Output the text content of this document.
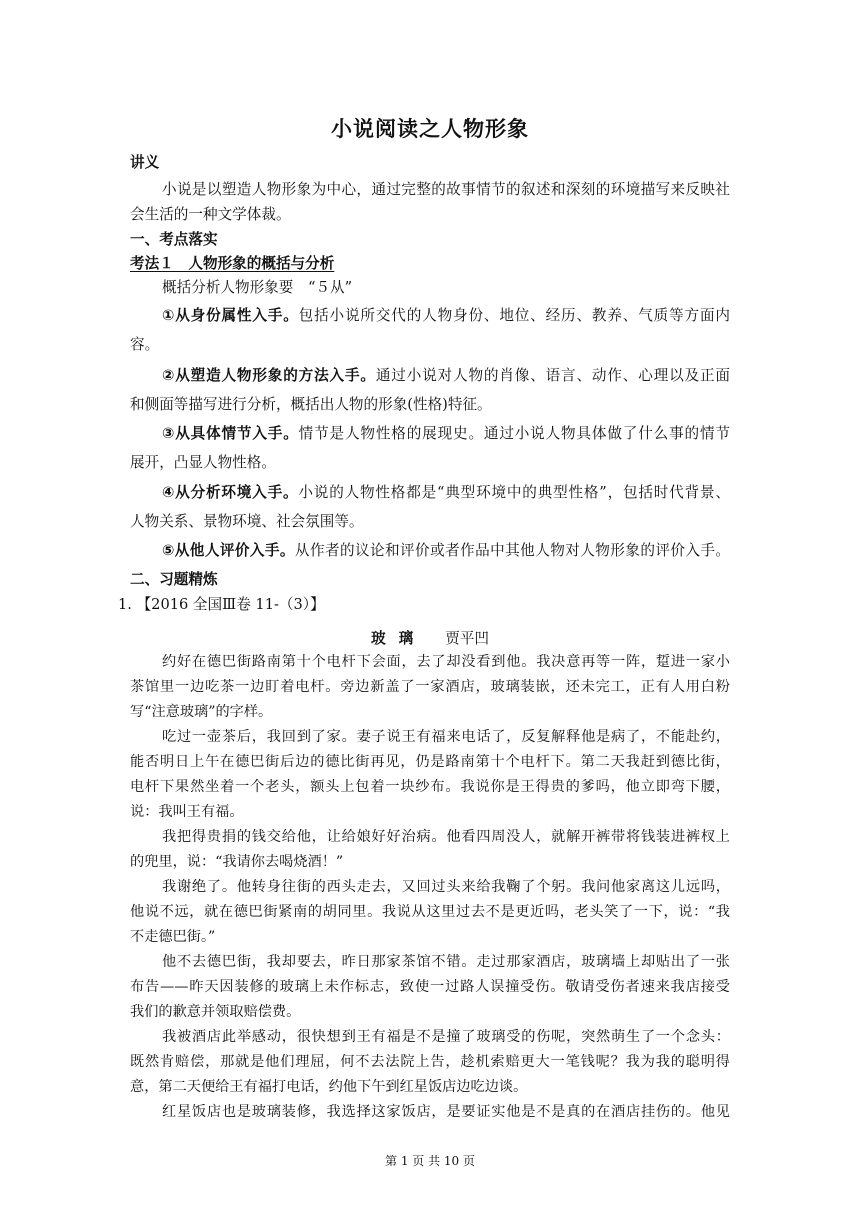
小说阅读之人物形象
讲义
小说是以塑造人物形象为中心，通过完整的故事情节的叙述和深刻的环境描写来反映社
会生活的一种文学体裁。
一、考点落实
考法１　人物形象的概括与分析
概括分析人物形象要　“５从”
①从身份属性入手。包括小说所交代的人物身份、地位、经历、教养、气质等方面内
容。
②从塑造人物形象的方法入手。通过小说对人物的肖像、语言、动作、心理以及正面
和侧面等描写进行分析，概括出人物的形象(性格)特征。
③从具体情节入手。情节是人物性格的展现史。通过小说人物具体做了什么事的情节
展开，凸显人物性格。
④从分析环境入手。小说的人物性格都是“典型环境中的典型性格”，包括时代背景、
人物关系、景物环境、社会氛围等。
⑤从他人评价入手。从作者的议论和评价或者作品中其他人物对人物形象的评价入手。
二、习题精炼
1. 【2016 全国Ⅲ卷 11-（3）】
玻 璃 贾平凹
约好在德巴街路南第十个电杆下会面，去了却没看到他。我决意再等一阵，踅进一家小
茶馆里一边吃茶一边盯着电杆。旁边新盖了一家酒店，玻璃装嵌，还未完工，正有人用白粉
写“注意玻璃”的字样。
吃过一壶茶后，我回到了家。妻子说王有福来电话了，反复解释他是病了，不能赴约，
能否明日上午在德巴街后边的德比街再见，仍是路南第十个电杆下。第二天我赶到德比街，
电杆下果然坐着一个老头，额头上包着一块纱布。我说你是王得贵的爹吗，他立即弯下腰，
说：我叫王有福。
我把得贵捐的钱交给他，让给娘好好治病。他看四周没人，就解开裤带将钱装进裤杈上
的兜里，说：“我请你去喝烧酒！”
我谢绝了。他转身往街的西头走去，又回过头来给我鞠了个躬。我问他家离这儿远吗，
他说不远，就在德巴街紧南的胡同里。我说从这里过去不是更近吗，老头笑了一下，说：“我
不走德巴街。”
他不去德巴街，我却要去，昨日那家茶馆不错。走过那家酒店，玻璃墙上却贴出了一张
布告——昨天因装修的玻璃上未作标志，致使一过路人误撞受伤。敬请受伤者速来我店接受
我们的歉意并领取赔偿费。
我被酒店此举感动，很快想到王有福是不是撞了玻璃受的伤呢，突然萌生了一个念头：
既然肯赔偿，那就是他们理屈，何不去法院上告，趁机索赔更大一笔钱呢？我为我的聪明得
意，第二天便给王有福打电话，约他下午到红星饭店边吃边谈。
红星饭店也是玻璃装修，我选择这家饭店，是要证实他是不是真的在酒店挂伤的。他见
第 1 页 共 10 页
